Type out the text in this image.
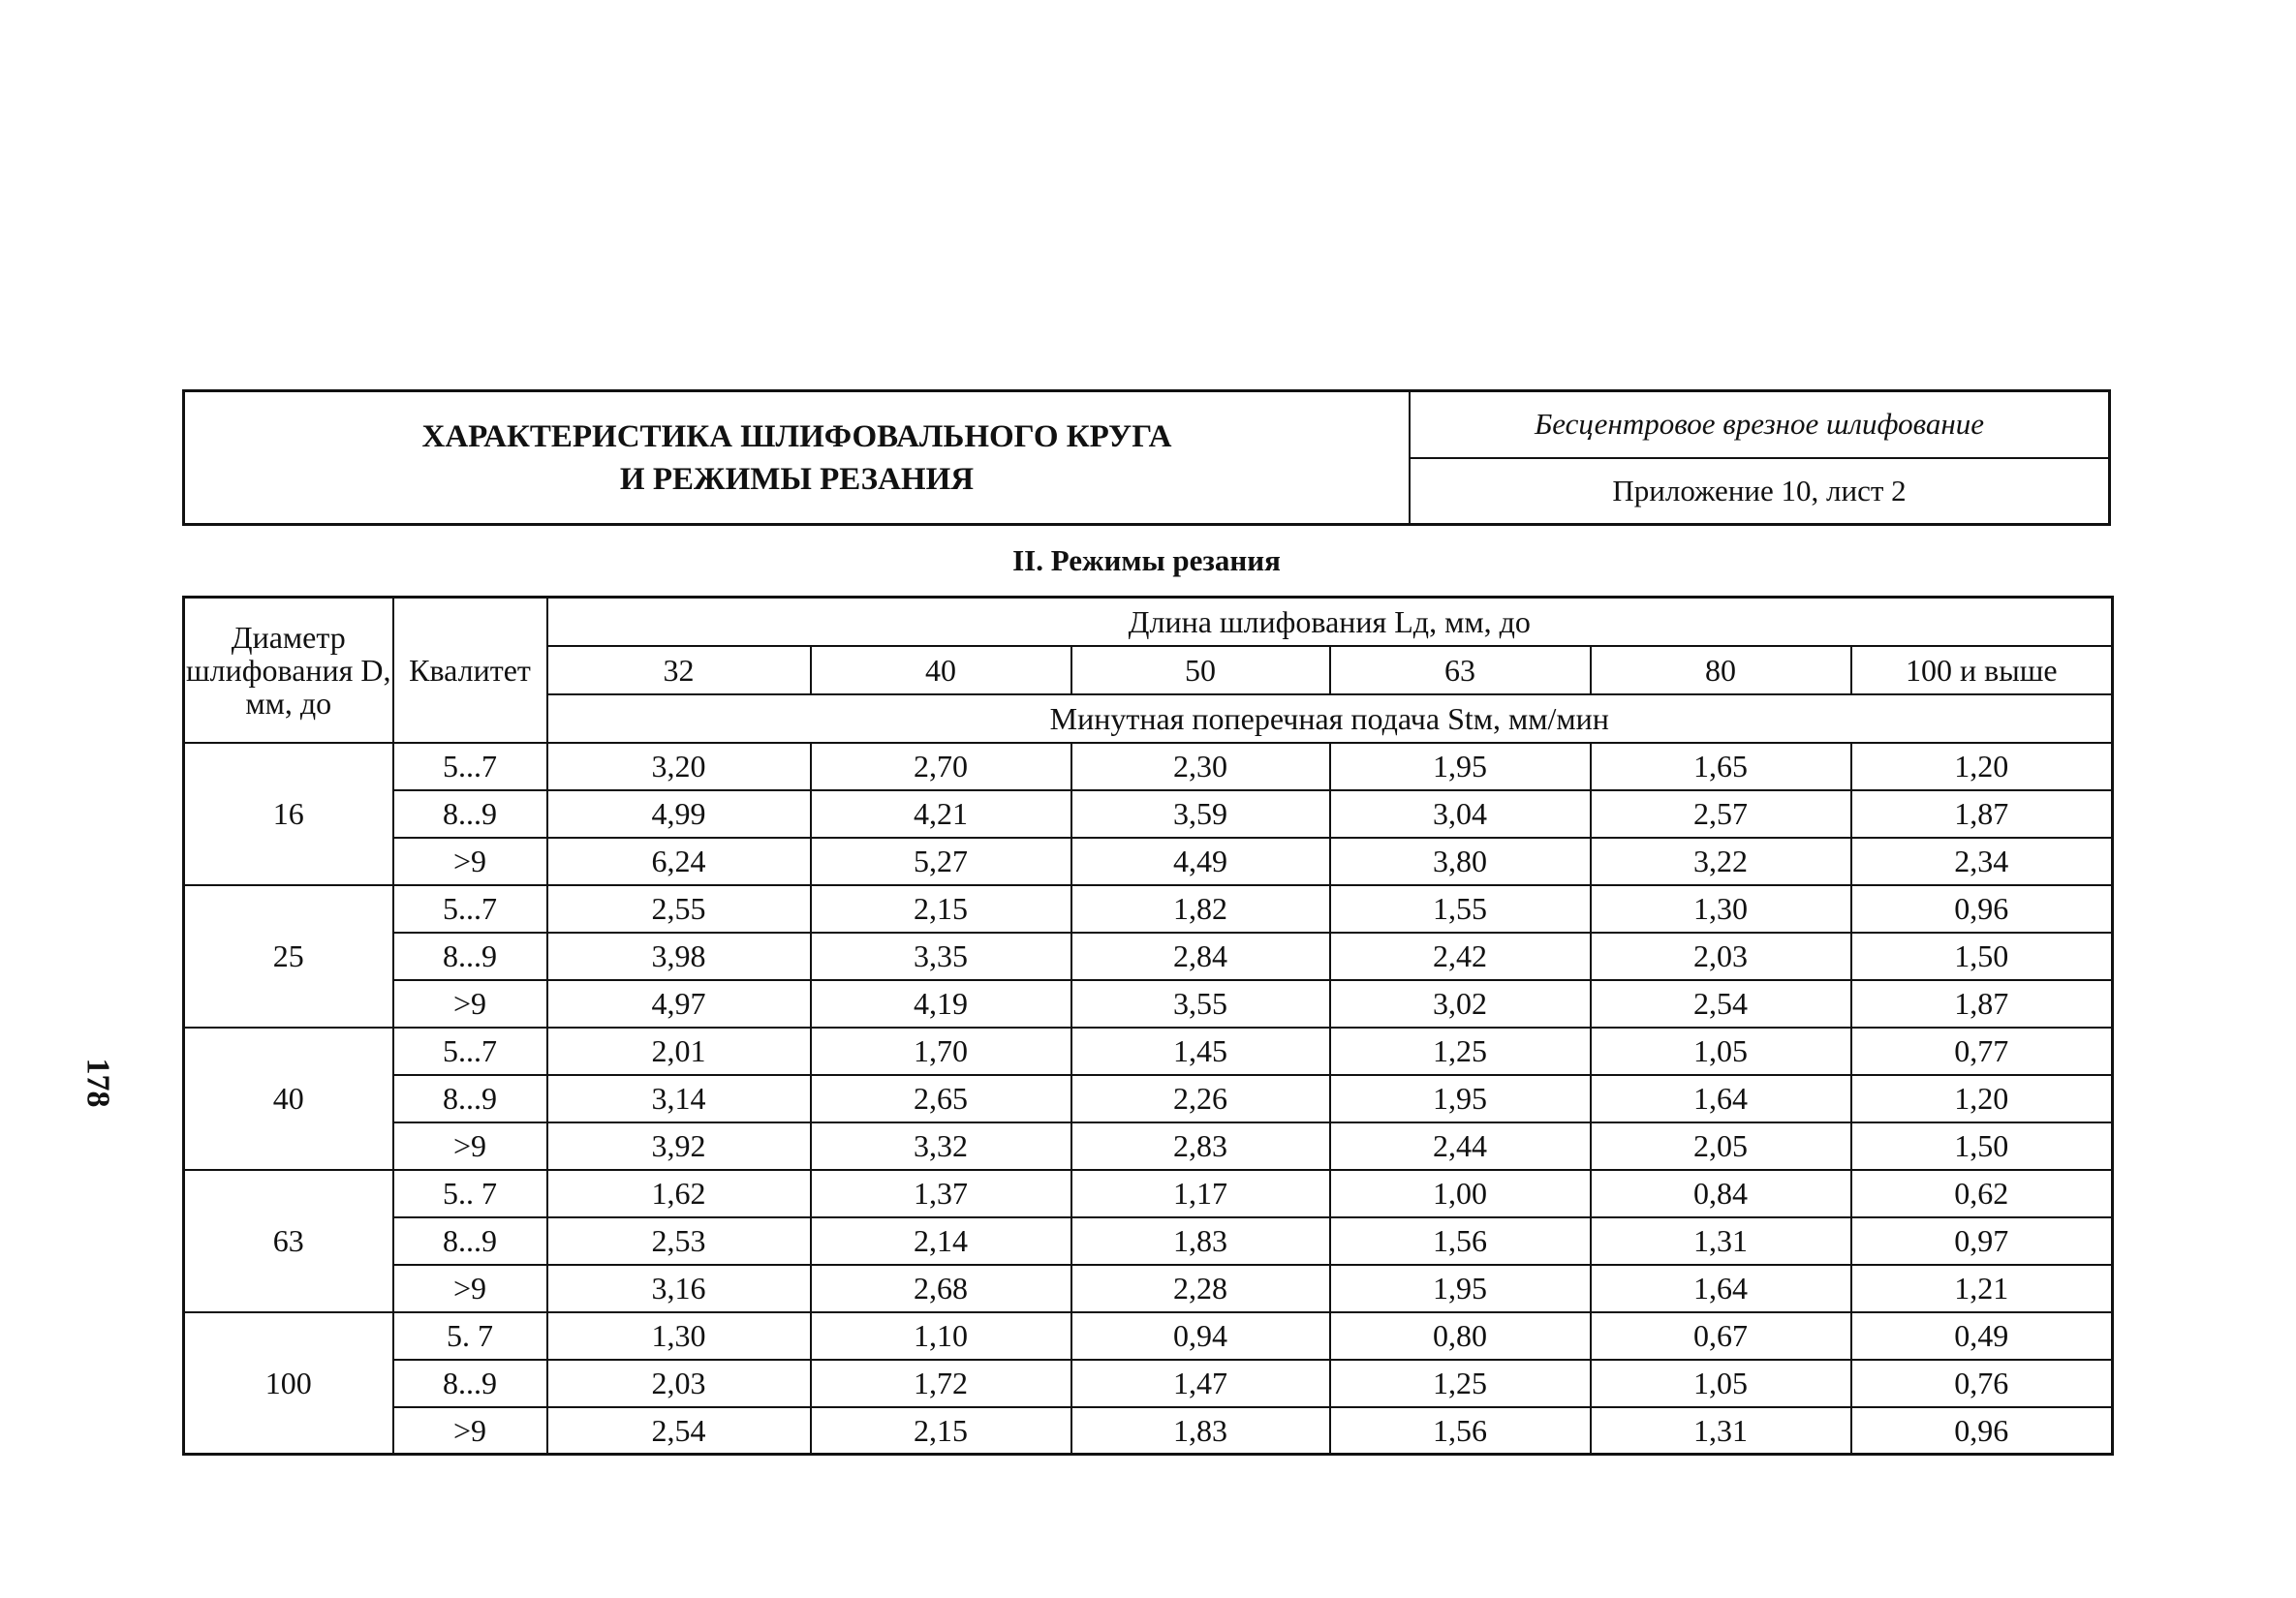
178
ХАРАКТЕРИСТИКА ШЛИФОВАЛЬНОГО КРУГА
И РЕЖИМЫ РЕЗАНИЯ
Бесцентровое врезное шлифование
Приложение 10, лист 2
II. Режимы резания
Диаметр шлифования D, мм, до	Квалитет	Длина шлифования Lд, мм, до					
		32	40	50	63	80	100 и выше
		Минутная поперечная подача Stм, мм/мин					
16	5...7	3,20	2,70	2,30	1,95	1,65	1,20
	8...9	4,99	4,21	3,59	3,04	2,57	1,87
	>9	6,24	5,27	4,49	3,80	3,22	2,34
25	5...7	2,55	2,15	1,82	1,55	1,30	0,96
	8...9	3,98	3,35	2,84	2,42	2,03	1,50
	>9	4,97	4,19	3,55	3,02	2,54	1,87
40	5...7	2,01	1,70	1,45	1,25	1,05	0,77
	8...9	3,14	2,65	2,26	1,95	1,64	1,20
	>9	3,92	3,32	2,83	2,44	2,05	1,50
63	5.. 7	1,62	1,37	1,17	1,00	0,84	0,62
	8...9	2,53	2,14	1,83	1,56	1,31	0,97
	>9	3,16	2,68	2,28	1,95	1,64	1,21
100	5. 7	1,30	1,10	0,94	0,80	0,67	0,49
	8...9	2,03	1,72	1,47	1,25	1,05	0,76
	>9	2,54	2,15	1,83	1,56	1,31	0,96
